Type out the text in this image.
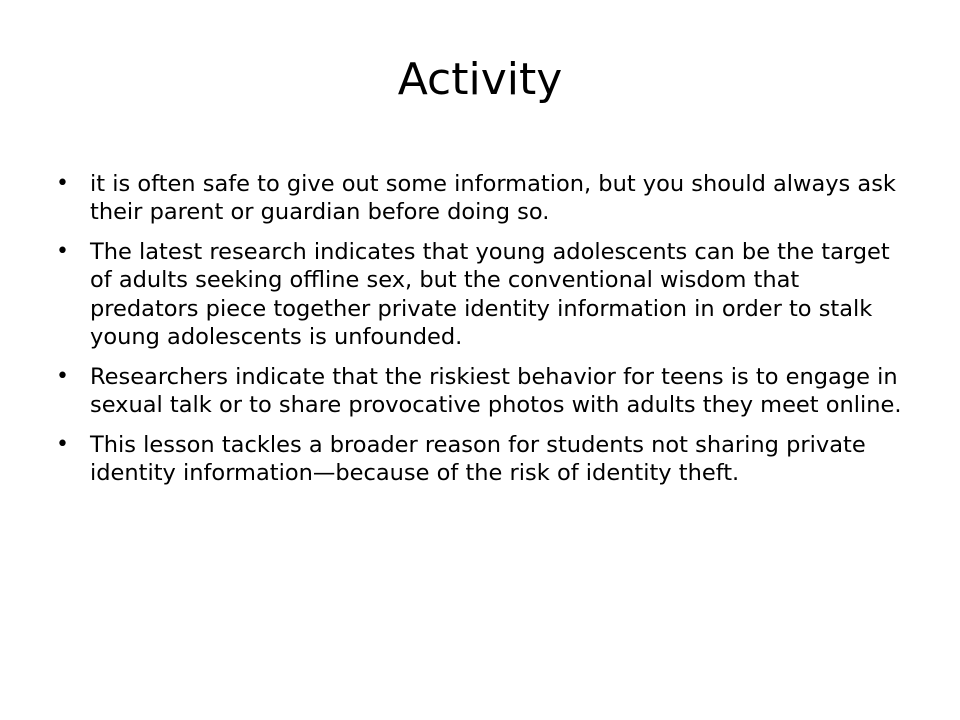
Activity
• it is often safe to give out some information, but you should always ask their parent or guardian before doing so.
• The latest research indicates that young adolescents can be the target of adults seeking offline sex, but the conventional wisdom that predators piece together private identity information in order to stalk young adolescents is unfounded.
• Researchers indicate that the riskiest behavior for teens is to engage in sexual talk or to share provocative photos with adults they meet online.
• This lesson tackles a broader reason for students not sharing private identity information—because of the risk of identity theft.
